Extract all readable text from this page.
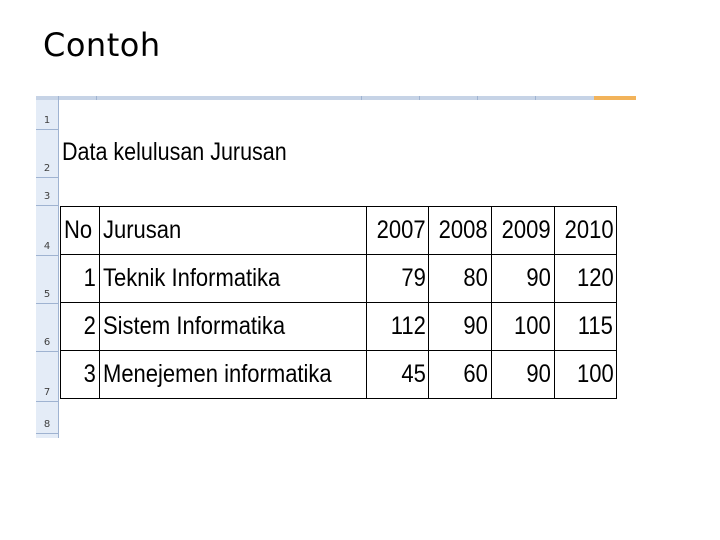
Contoh
1
2
3
4
5
6
7
8
Data kelulusan Jurusan
No	Jurusan	2007	2008	2009	2010
1	Teknik Informatika	79	80	90	120
2	Sistem Informatika	112	90	100	115
3	Menejemen informatika	45	60	90	100
